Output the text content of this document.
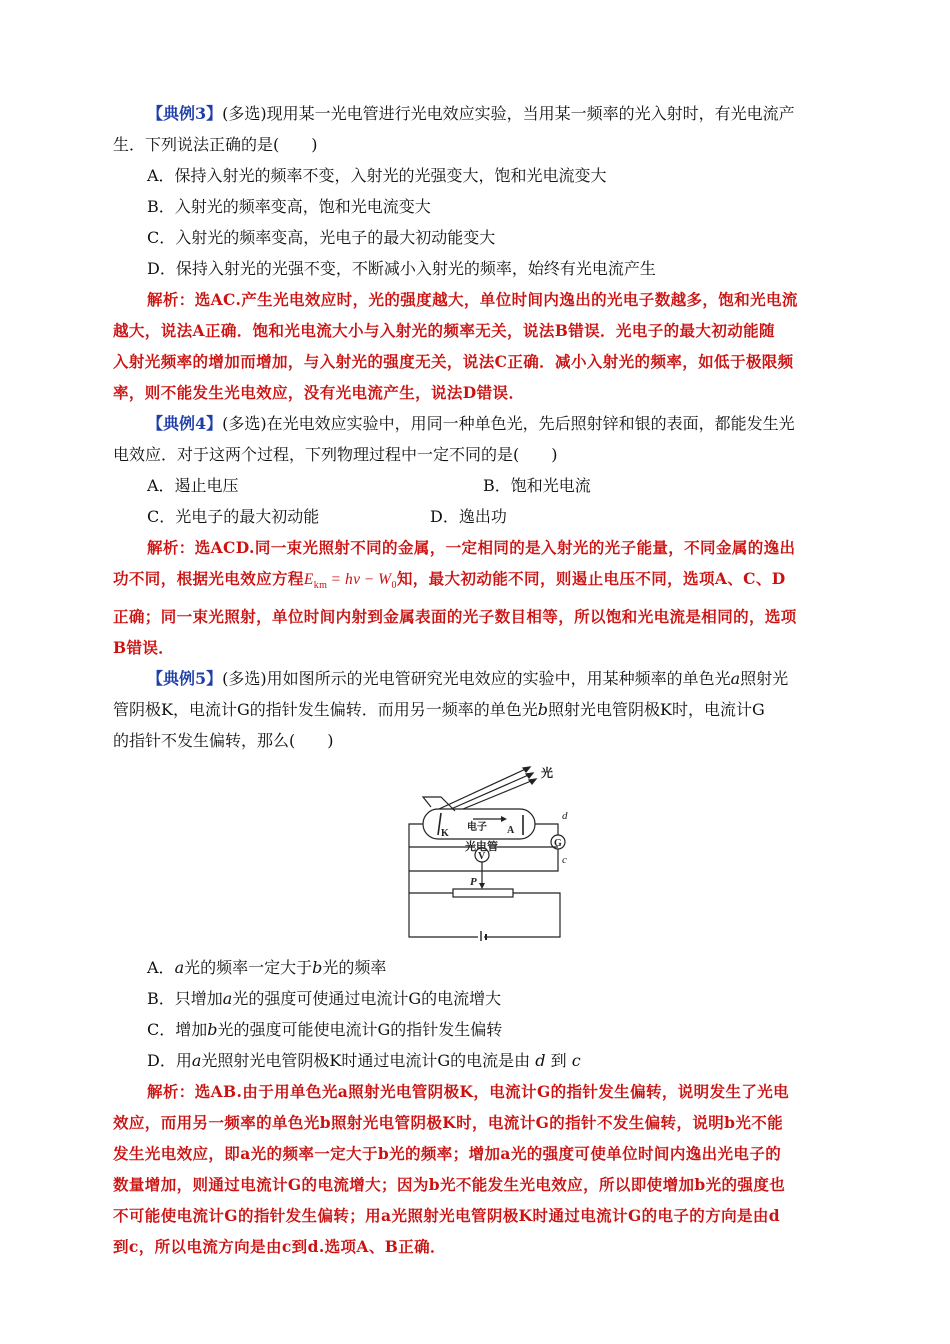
【典例3】(多选)现用某一光电管进行光电效应实验，当用某一频率的光入射时，有光电流产

生．下列说法正确的是(　　)

A．保持入射光的频率不变，入射光的光强变大，饱和光电流变大

B．入射光的频率变高，饱和光电流变大

C．入射光的频率变高，光电子的最大初动能变大

D．保持入射光的光强不变，不断减小入射光的频率，始终有光电流产生

解析：选AC.产生光电效应时，光的强度越大，单位时间内逸出的光电子数越多，饱和光电流

越大，说法A正确．饱和光电流大小与入射光的频率无关，说法B错误．光电子的最大初动能随

入射光频率的增加而增加，与入射光的强度无关，说法C正确．减小入射光的频率，如低于极限频

率，则不能发生光电效应，没有光电流产生，说法D错误．

【典例4】(多选)在光电效应实验中，用同一种单色光，先后照射锌和银的表面，都能发生光

电效应．对于这两个过程，下列物理过程中一定不同的是(　　)

A．遏止电压	B．饱和光电流
C．光电子的最大初动能	D．逸出功

解析：选ACD.同一束光照射不同的金属，一定相同的是入射光的光子能量，不同金属的逸出

功不同，根据光电效应方程$E_{km} = h\nu - W_0$知，最大初动能不同，则遏止电压不同，选项A、C、D

正确；同一束光照射，单位时间内射到金属表面的光子数目相等，所以饱和光电流是相同的，选项

B错误．

【典例5】(多选)用如图所示的光电管研究光电效应的实验中，用某种频率的单色光a照射光

管阴极K，电流计G的指针发生偏转．而用另一频率的单色光b照射光电管阴极K时，电流计G

的指针不发生偏转，那么(　　)

光
K
电子 A
光电管	G
d
c
V
P

A．a光的频率一定大于b光的频率

B．只增加a光的强度可使通过电流计G的电流增大

C．增加b光的强度可能使电流计G的指针发生偏转

D．用a光照射光电管阴极K时通过电流计G的电流是由 d 到 c

解析：选AB.由于用单色光a照射光电管阴极K，电流计G的指针发生偏转，说明发生了光电

效应，而用另一频率的单色光b照射光电管阴极K时，电流计G的指针不发生偏转，说明b光不能

发生光电效应，即a光的频率一定大于b光的频率；增加a光的强度可使单位时间内逸出光电子的

数量增加，则通过电流计G的电流增大；因为b光不能发生光电效应，所以即使增加b光的强度也

不可能使电流计G的指针发生偏转；用a光照射光电管阴极K时通过电流计G的电子的方向是由d

到c，所以电流方向是由c到d.选项A、B正确．
